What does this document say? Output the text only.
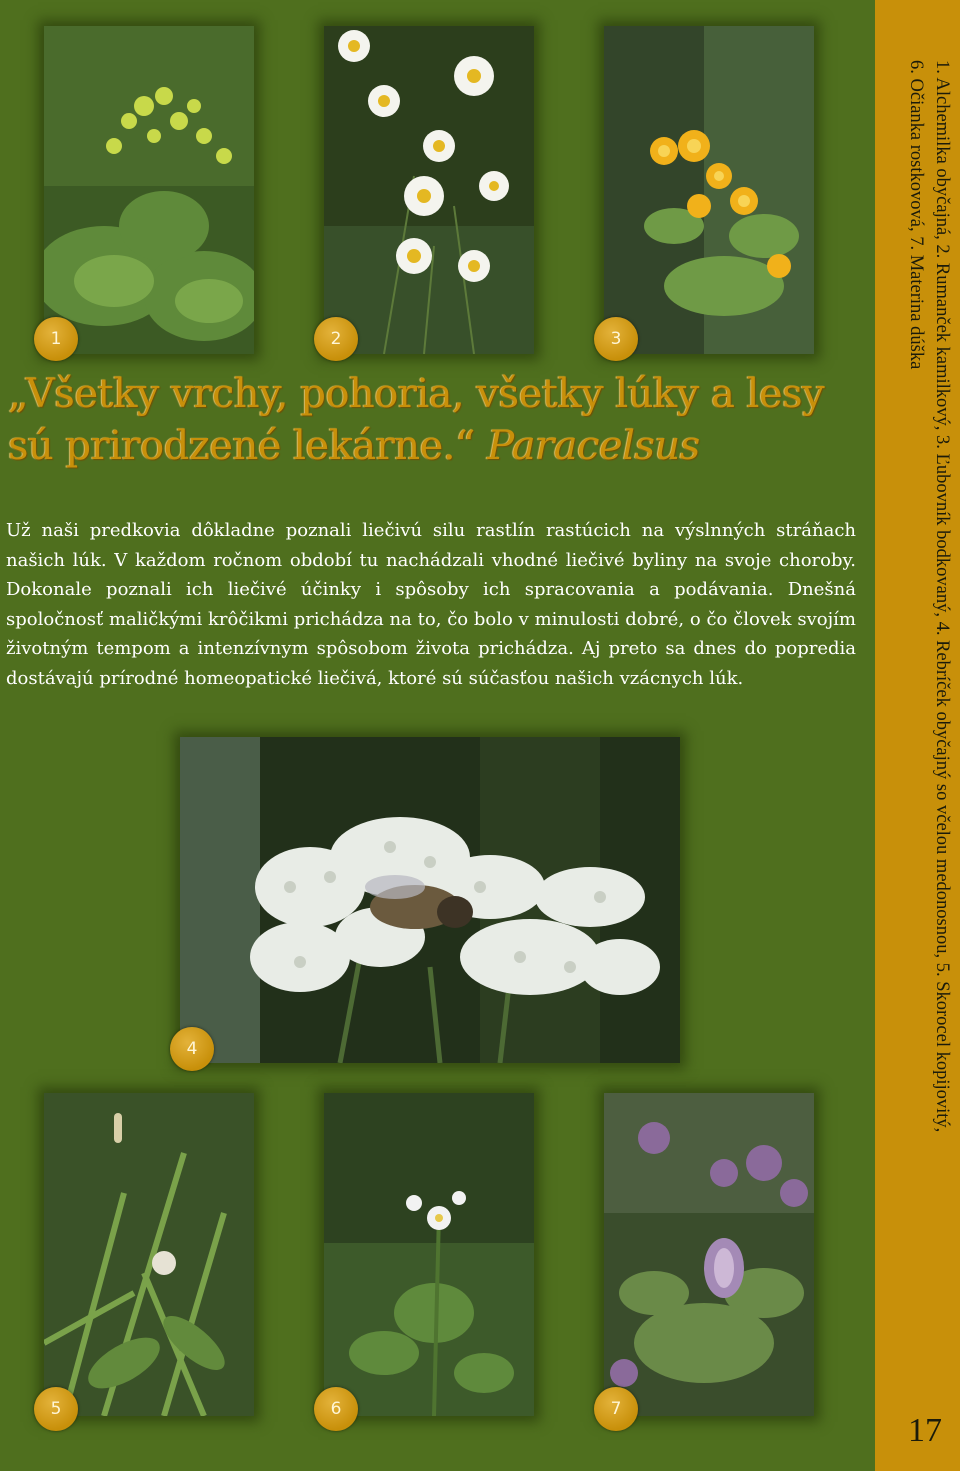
1	2	3
„Všetky vrchy, pohoria, všetky lúky a lesy sú prirodzené lekárne.“ Paracelsus
Už naši predkovia dôkladne poznali liečivú silu rastlín rastúcich na výslnných stráňach našich lúk. V každom ročnom období tu nachádzali vhodné liečivé byliny na svoje choroby. Dokonale poznali ich liečivé účinky i spôsoby ich spracovania a podávania. Dnešná spoločnosť maličkými krôčikmi prichádza na to, čo bolo v minulosti dobré, o čo človek svojím životným tempom a intenzívnym spôsobom života prichádza. Aj preto sa dnes do popredia dostávajú prírodné homeopatické liečivá, ktoré sú súčasťou našich vzácnych lúk.
4
5	6	7
1. Alchemilka obyčajná, 2. Rumanček kamilkový, 3. Ľubovník bodkovaný, 4. Rebríček obyčajný so včelou medonosnou, 5. Skorocel kopijovitý,
6. Očianka rostkovová, 7. Materina dúška
17
